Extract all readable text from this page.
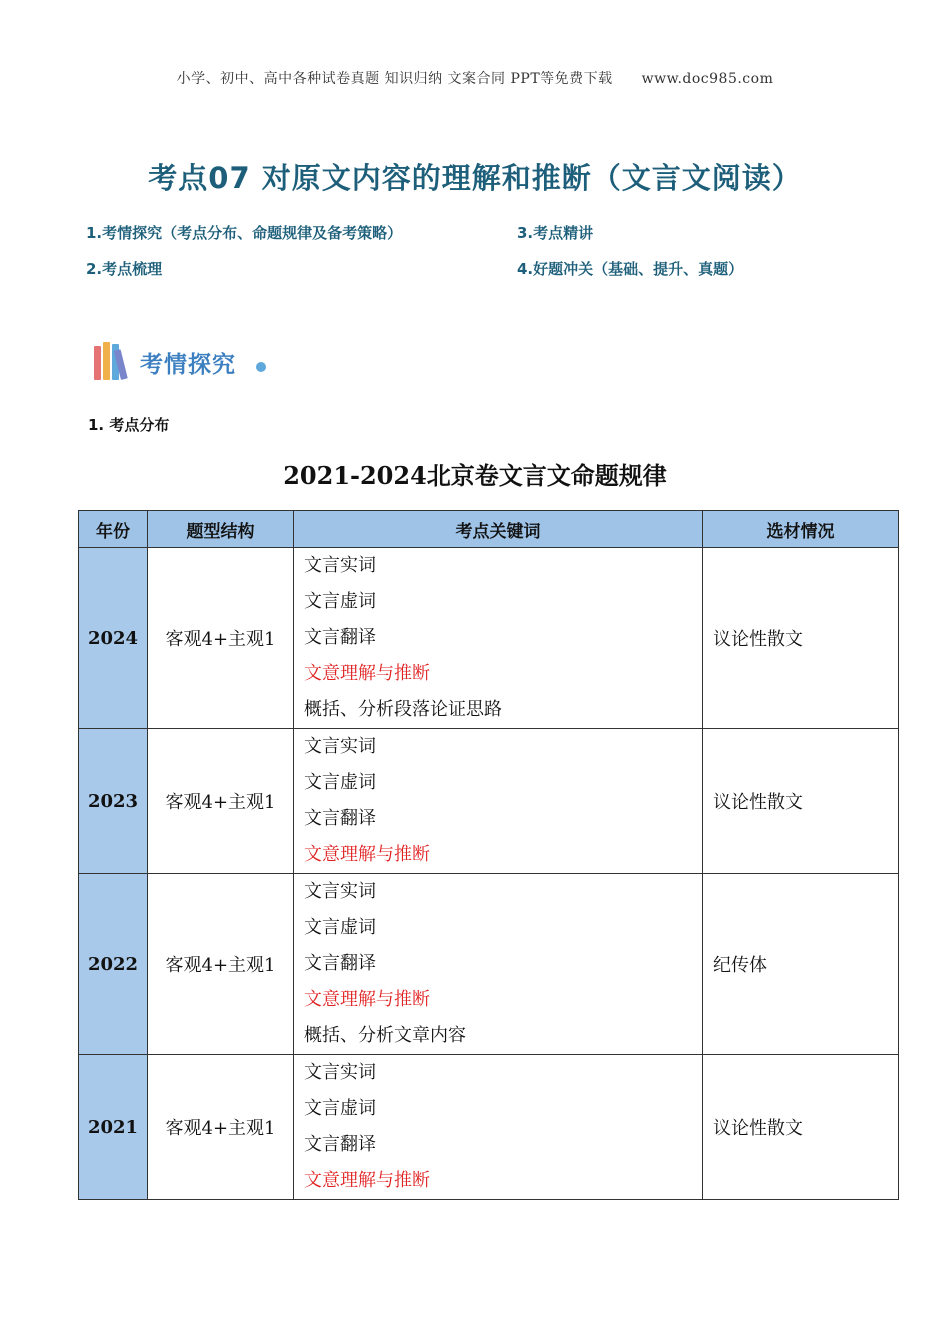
小学、初中、高中各种试卷真题 知识归纳 文案合同 PPT等免费下载　　www.doc985.com
考点07 对原文内容的理解和推断（文言文阅读）
1.考情探究（考点分布、命题规律及备考策略）	3.考点精讲
2.考点梳理	4.好题冲关（基础、提升、真题）
考情探究
1. 考点分布
2021-2024北京卷文言文命题规律
年份	题型结构	考点关键词	选材情况
2024	客观4+主观1	文言实词
文言虚词
文言翻译
文意理解与推断
概括、分析段落论证思路	议论性散文
2023	客观4+主观1	文言实词
文言虚词
文言翻译
文意理解与推断	议论性散文
2022	客观4+主观1	文言实词
文言虚词
文言翻译
文意理解与推断
概括、分析文章内容	纪传体
2021	客观4+主观1	文言实词
文言虚词
文言翻译
文意理解与推断	议论性散文
